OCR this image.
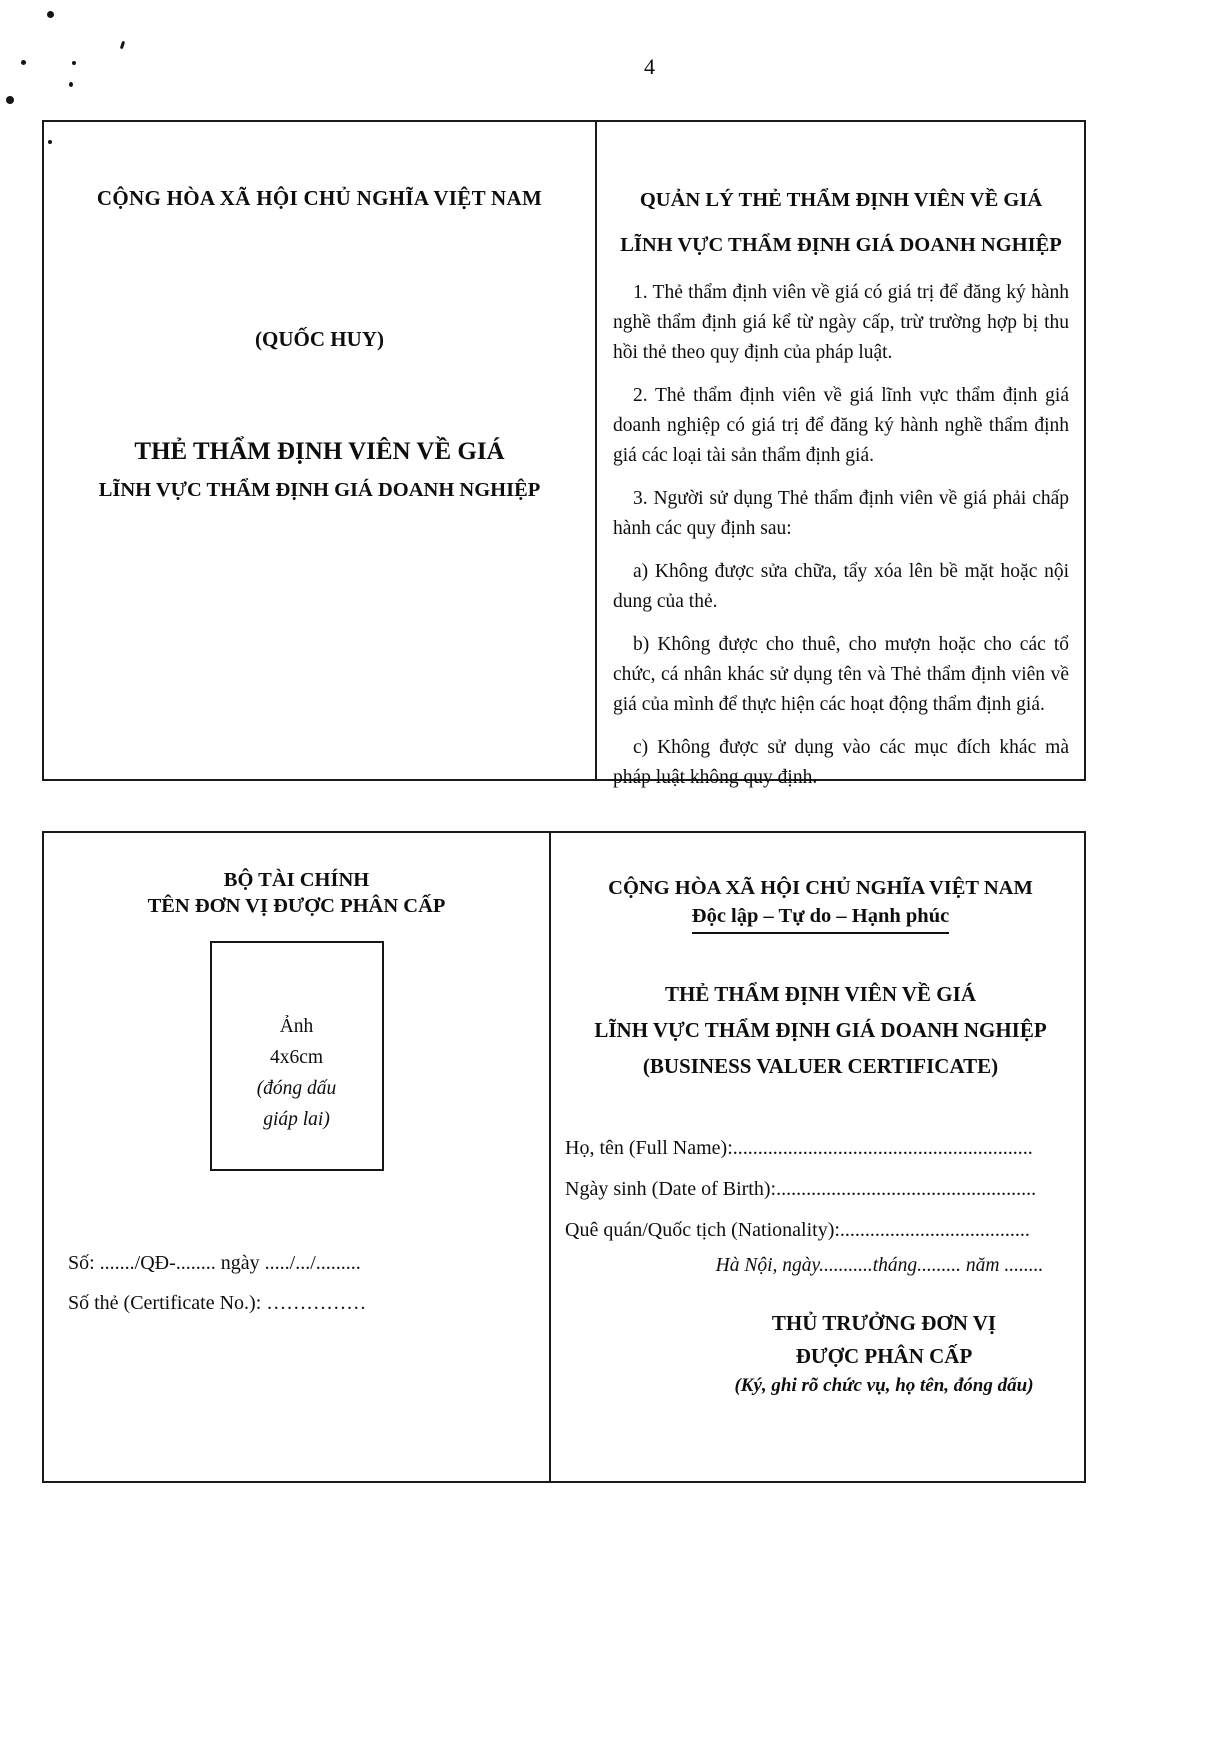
4
CỘNG HÒA XÃ HỘI CHỦ NGHĨA VIỆT NAM
(QUỐC HUY)
THẺ THẨM ĐỊNH VIÊN VỀ GIÁ
LĨNH VỰC THẨM ĐỊNH GIÁ DOANH NGHIỆP
QUẢN LÝ THẺ THẨM ĐỊNH VIÊN VỀ GIÁ
LĨNH VỰC THẨM ĐỊNH GIÁ DOANH NGHIỆP

1. Thẻ thẩm định viên về giá có giá trị để đăng ký hành nghề thẩm định giá kể từ ngày cấp, trừ trường hợp bị thu hồi thẻ theo quy định của pháp luật.

2. Thẻ thẩm định viên về giá lĩnh vực thẩm định giá doanh nghiệp có giá trị để đăng ký hành nghề thẩm định giá các loại tài sản thẩm định giá.

3. Người sử dụng Thẻ thẩm định viên về giá phải chấp hành các quy định sau:

a) Không được sửa chữa, tẩy xóa lên bề mặt hoặc nội dung của thẻ.

b) Không được cho thuê, cho mượn hoặc cho các tổ chức, cá nhân khác sử dụng tên và Thẻ thẩm định viên về giá của mình để thực hiện các hoạt động thẩm định giá.

c) Không được sử dụng vào các mục đích khác mà pháp luật không quy định.

BỘ TÀI CHÍNH
TÊN ĐƠN VỊ ĐƯỢC PHÂN CẤP
Ảnh
4x6cm
(đóng dấu
giáp lai)
Số: ......./QĐ-........ ngày ...../.../.........
Số thẻ (Certificate No.): ……………
CỘNG HÒA XÃ HỘI CHỦ NGHĨA VIỆT NAM
Độc lập – Tự do – Hạnh phúc
THẺ THẨM ĐỊNH VIÊN VỀ GIÁ
LĨNH VỰC THẨM ĐỊNH GIÁ DOANH NGHIỆP
(BUSINESS VALUER CERTIFICATE)
Họ, tên (Full Name):............................................................
Ngày sinh (Date of Birth):....................................................
Quê quán/Quốc tịch (Nationality):......................................
Hà Nội, ngày...........tháng......... năm ........
THỦ TRƯỞNG ĐƠN VỊ
ĐƯỢC PHÂN CẤP
(Ký, ghi rõ chức vụ, họ tên, đóng dấu)
